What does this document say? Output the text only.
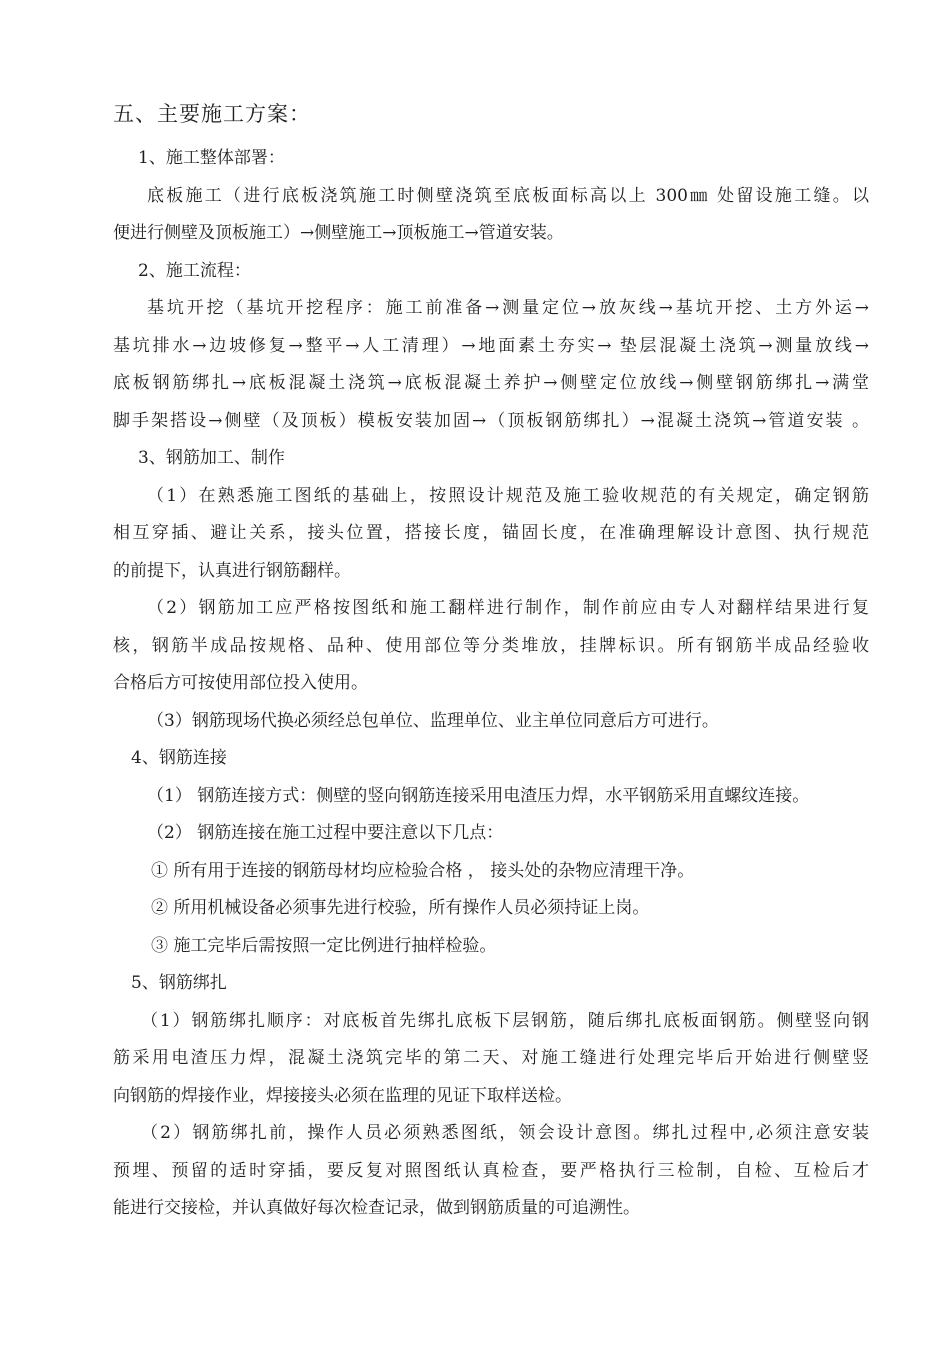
五、主要施工方案：
1、施工整体部署：
底板施工（进行底板浇筑施工时侧壁浇筑至底板面标高以上 300㎜ 处留设施工缝。以
便进行侧壁及顶板施工）→侧壁施工→顶板施工→管道安装。
2、施工流程：
基坑开挖（基坑开挖程序：施工前准备→测量定位→放灰线→基坑开挖、土方外运→
基坑排水→边坡修复→整平→人工清理）→地面素土夯实→ 垫层混凝土浇筑→测量放线→
底板钢筋绑扎→底板混凝土浇筑→底板混凝土养护→侧壁定位放线→侧壁钢筋绑扎→满堂
脚手架搭设→侧壁（及顶板）模板安装加固→（顶板钢筋绑扎）→混凝土浇筑→管道安装 。
3、钢筋加工、制作
（1）在熟悉施工图纸的基础上，按照设计规范及施工验收规范的有关规定，确定钢筋
相互穿插、避让关系，接头位置，搭接长度，锚固长度，在准确理解设计意图、执行规范
的前提下，认真进行钢筋翻样。
（2）钢筋加工应严格按图纸和施工翻样进行制作，制作前应由专人对翻样结果进行复
核，钢筋半成品按规格、品种、使用部位等分类堆放，挂牌标识。所有钢筋半成品经验收
合格后方可按使用部位投入使用。
（3）钢筋现场代换必须经总包单位、监理单位、业主单位同意后方可进行。
4、钢筋连接
（1） 钢筋连接方式：侧壁的竖向钢筋连接采用电渣压力焊，水平钢筋采用直螺纹连接。
（2） 钢筋连接在施工过程中要注意以下几点：
① 所有用于连接的钢筋母材均应检验合格 ， 接头处的杂物应清理干净。
② 所用机械设备必须事先进行校验，所有操作人员必须持证上岗。
③ 施工完毕后需按照一定比例进行抽样检验。
5、钢筋绑扎
（1）钢筋绑扎顺序：对底板首先绑扎底板下层钢筋，随后绑扎底板面钢筋。侧壁竖向钢
筋采用电渣压力焊，混凝土浇筑完毕的第二天、对施工缝进行处理完毕后开始进行侧壁竖
向钢筋的焊接作业，焊接接头必须在监理的见证下取样送检。
（2）钢筋绑扎前，操作人员必须熟悉图纸，领会设计意图。绑扎过程中,必须注意安装
预埋、预留的适时穿插，要反复对照图纸认真检查，要严格执行三检制，自检、互检后才
能进行交接检，并认真做好每次检查记录，做到钢筋质量的可追溯性。
